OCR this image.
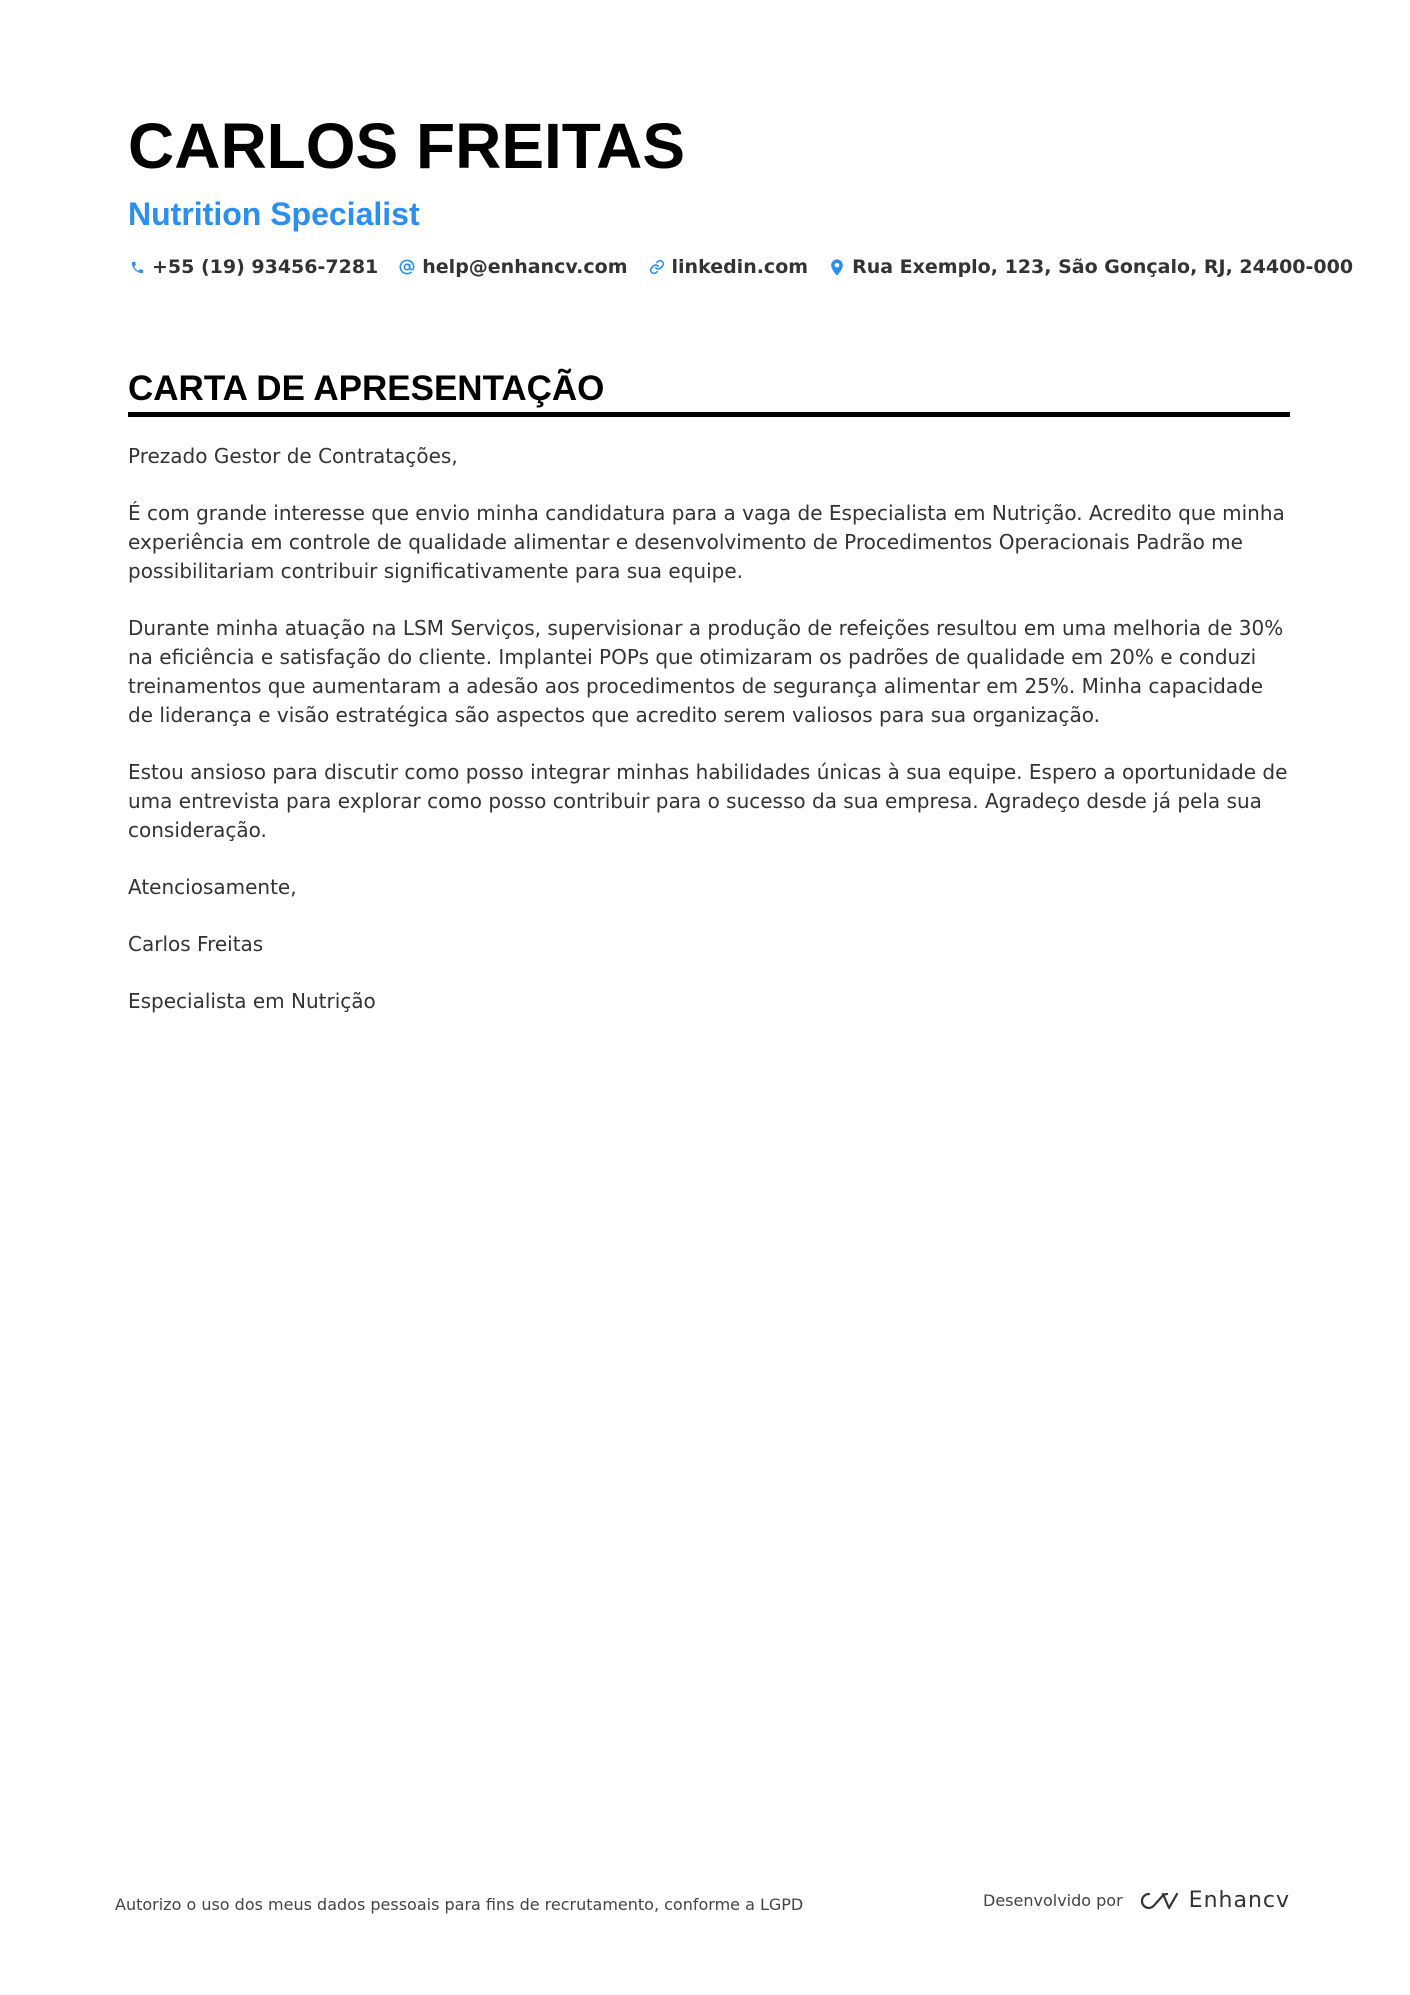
CARLOS FREITAS
Nutrition Specialist
+55 (19) 93456-7281 help@enhancv.com linkedin.com Rua Exemplo, 123, São Gonçalo, RJ, 24400-000
CARTA DE APRESENTAÇÃO

Prezado Gestor de Contratações,

É com grande interesse que envio minha candidatura para a vaga de Especialista em Nutrição. Acredito que minha experiência em controle de qualidade alimentar e desenvolvimento de Procedimentos Operacionais Padrão me possibilitariam contribuir significativamente para sua equipe.

Durante minha atuação na LSM Serviços, supervisionar a produção de refeições resultou em uma melhoria de 30% na eficiência e satisfação do cliente. Implantei POPs que otimizaram os padrões de qualidade em 20% e conduzi treinamentos que aumentaram a adesão aos procedimentos de segurança alimentar em 25%. Minha capacidade de liderança e visão estratégica são aspectos que acredito serem valiosos para sua organização.

Estou ansioso para discutir como posso integrar minhas habilidades únicas à sua equipe. Espero a oportunidade de uma entrevista para explorar como posso contribuir para o sucesso da sua empresa. Agradeço desde já pela sua consideração.

Atenciosamente,

Carlos Freitas

Especialista em Nutrição

Autorizo o uso dos meus dados pessoais para fins de recrutamento, conforme a LGPD	Desenvolvido por	Enhancv
